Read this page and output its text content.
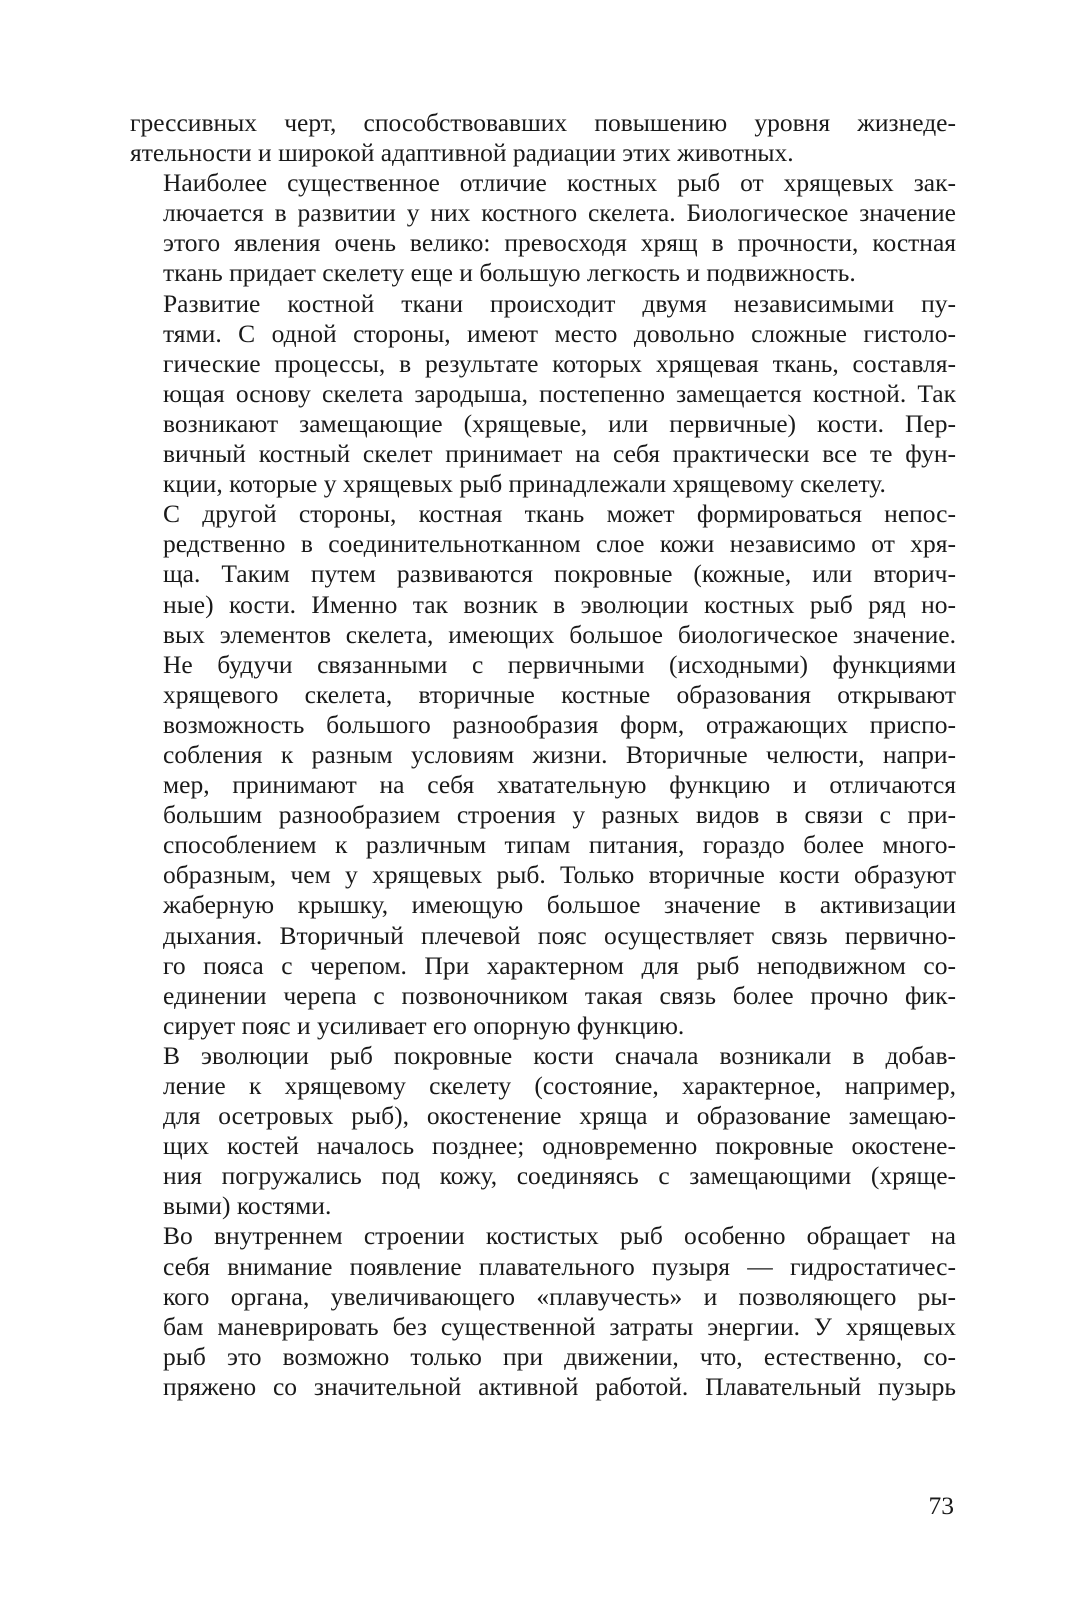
грессивных черт, способствовавших повышению уровня жизнеде-
ятельности и широкой адаптивной радиации этих животных.

Наиболее существенное отличие костных рыб от хрящевых зак-
лючается в развитии у них костного скелета. Биологическое значение
этого явления очень велико: превосходя хрящ в прочности, костная
ткань придает скелету еще и большую легкость и подвижность.

Развитие костной ткани происходит двумя независимыми пу-
тями. С одной стороны, имеют место довольно сложные гистоло-
гические процессы, в результате которых хрящевая ткань, составля-
ющая основу скелета зародыша, постепенно замещается костной. Так
возникают замещающие (хрящевые, или первичные) кости. Пер-
вичный костный скелет принимает на себя практически все те фун-
кции, которые у хрящевых рыб принадлежали хрящевому скелету.

С другой стороны, костная ткань может формироваться непос-
редственно в соединительнотканном слое кожи независимо от хря-
ща. Таким путем развиваются покровные (кожные, или вторич-
ные) кости. Именно так возник в эволюции костных рыб ряд но-
вых элементов скелета, имеющих большое биологическое значение.
Не будучи связанными с первичными (исходными) функциями
хрящевого скелета, вторичные костные образования открывают
возможность большого разнообразия форм, отражающих приспо-
собления к разным условиям жизни. Вторичные челюсти, напри-
мер, принимают на себя хватательную функцию и отличаются
большим разнообразием строения у разных видов в связи с при-
способлением к различным типам питания, гораздо более много-
образным, чем у хрящевых рыб. Только вторичные кости образуют
жаберную крышку, имеющую большое значение в активизации
дыхания. Вторичный плечевой пояс осуществляет связь первично-
го пояса с черепом. При характерном для рыб неподвижном со-
единении черепа с позвоночником такая связь более прочно фик-
сирует пояс и усиливает его опорную функцию.

В эволюции рыб покровные кости сначала возникали в добав-
ление к хрящевому скелету (состояние, характерное, например,
для осетровых рыб), окостенение хряща и образование замещаю-
щих костей началось позднее; одновременно покровные окостене-
ния погружались под кожу, соединяясь с замещающими (хряще-
выми) костями.

Во внутреннем строении костистых рыб особенно обращает на
себя внимание появление плавательного пузыря — гидростатичес-
кого органа, увеличивающего «плавучесть» и позволяющего ры-
бам маневрировать без существенной затраты энергии. У хрящевых
рыб это возможно только при движении, что, естественно, со-
пряжено со значительной активной работой. Плавательный пузырь

73
